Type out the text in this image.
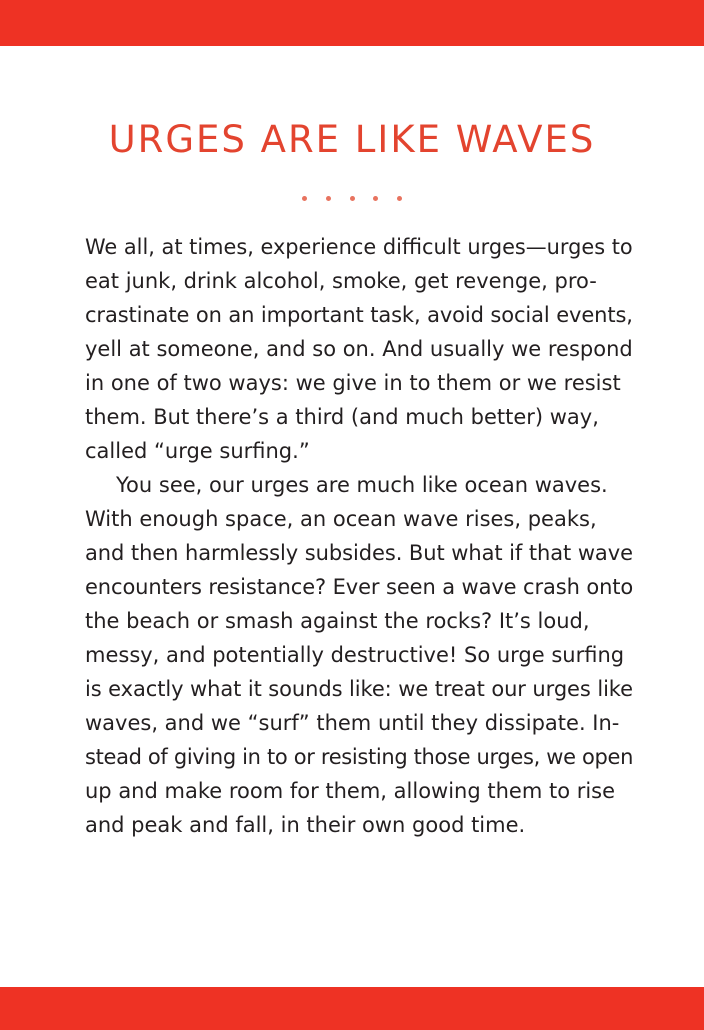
URGES ARE LIKE WAVES
We all, at times, experience difficult urges—urges to
eat junk, drink alcohol, smoke, get revenge, pro-
crastinate on an important task, avoid social events,
yell at someone, and so on. And usually we respond
in one of two ways: we give in to them or we resist
them. But there’s a third (and much better) way,
called “urge surfing.”
You see, our urges are much like ocean waves.
With enough space, an ocean wave rises, peaks,
and then harmlessly subsides. But what if that wave
encounters resistance? Ever seen a wave crash onto
the beach or smash against the rocks? It’s loud,
messy, and potentially destructive! So urge surfing
is exactly what it sounds like: we treat our urges like
waves, and we “surf” them until they dissipate. In-
stead of giving in to or resisting those urges, we open
up and make room for them, allowing them to rise
and peak and fall, in their own good time.
